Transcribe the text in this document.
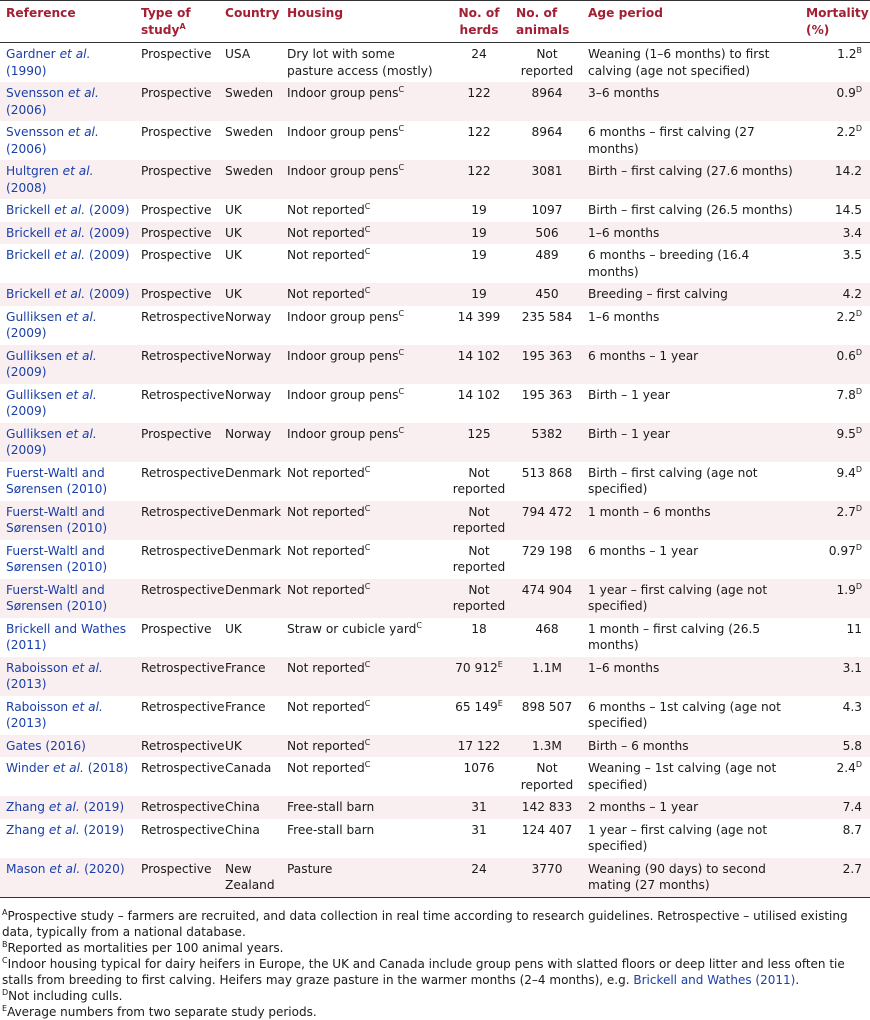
Reference	Type of study$^A$	Country	Housing	No. of herds	No. of animals	Age period	Mortality (%)
Gardner et al. (1990)	Prospective	USA	Dry lot with some pasture access (mostly)	24	Not reported	Weaning (1–6 months) to first calving (age not specified)	$1.2^B$
Svensson et al. (2006)	Prospective	Sweden	Indoor group pens$^C$	122	8964	3–6 months	$0.9^D$
Svensson et al. (2006)	Prospective	Sweden	Indoor group pens$^C$	122	8964	6 months – first calving (27 months)	$2.2^D$
Hultgren et al. (2008)	Prospective	Sweden	Indoor group pens$^C$	122	3081	Birth – first calving (27.6 months)	14.2
Brickell et al. (2009)	Prospective	UK	Not reported$^C$	19	1097	Birth – first calving (26.5 months)	14.5
Brickell et al. (2009)	Prospective	UK	Not reported$^C$	19	506	1–6 months	3.4
Brickell et al. (2009)	Prospective	UK	Not reported$^C$	19	489	6 months – breeding (16.4 months)	3.5
Brickell et al. (2009)	Prospective	UK	Not reported$^C$	19	450	Breeding – first calving	4.2
Gulliksen et al. (2009)	Retrospective	Norway	Indoor group pens$^C$	14 399	235 584	1–6 months	$2.2^D$
Gulliksen et al. (2009)	Retrospective	Norway	Indoor group pens$^C$	14 102	195 363	6 months – 1 year	$0.6^D$
Gulliksen et al. (2009)	Retrospective	Norway	Indoor group pens$^C$	14 102	195 363	Birth – 1 year	$7.8^D$
Gulliksen et al. (2009)	Prospective	Norway	Indoor group pens$^C$	125	5382	Birth – 1 year	$9.5^D$
Fuerst-Waltl and Sørensen (2010)	Retrospective	Denmark	Not reported$^C$	Not reported	513 868	Birth – first calving (age not specified)	$9.4^D$
Fuerst-Waltl and Sørensen (2010)	Retrospective	Denmark	Not reported$^C$	Not reported	794 472	1 month – 6 months	$2.7^D$
Fuerst-Waltl and Sørensen (2010)	Retrospective	Denmark	Not reported$^C$	Not reported	729 198	6 months – 1 year	$0.97^D$
Fuerst-Waltl and Sørensen (2010)	Retrospective	Denmark	Not reported$^C$	Not reported	474 904	1 year – first calving (age not specified)	$1.9^D$
Brickell and Wathes (2011)	Prospective	UK	Straw or cubicle yard$^C$	18	468	1 month – first calving (26.5 months)	11
Raboisson et al. (2013)	Retrospective	France	Not reported$^C$	70 $912^E$	1.1M	1–6 months	3.1
Raboisson et al. (2013)	Retrospective	France	Not reported$^C$	65 $149^E$	898 507	6 months – 1st calving (age not specified)	4.3
Gates (2016)	Retrospective	UK	Not reported$^C$	17 122	1.3M	Birth – 6 months	5.8
Winder et al. (2018)	Retrospective	Canada	Not reported$^C$	1076	Not reported	Weaning – 1st calving (age not specified)	$2.4^D$
Zhang et al. (2019)	Retrospective	China	Free-stall barn	31	142 833	2 months – 1 year	7.4
Zhang et al. (2019)	Retrospective	China	Free-stall barn	31	124 407	1 year – first calving (age not specified)	8.7
Mason et al. (2020)	Prospective	New Zealand	Pasture	24	3770	Weaning (90 days) to second mating (27 months)	2.7
$^A$Prospective study – farmers are recruited, and data collection in real time according to research guidelines. Retrospective – utilised existing data, typically from a national database.
$^B$Reported as mortalities per 100 animal years.
$^C$Indoor housing typical for dairy heifers in Europe, the UK and Canada include group pens with slatted floors or deep litter and less often tie stalls from breeding to first calving. Heifers may graze pasture in the warmer months (2–4 months), e.g. Brickell and Wathes (2011).
$^D$Not including culls.
$^E$Average numbers from two separate study periods.
